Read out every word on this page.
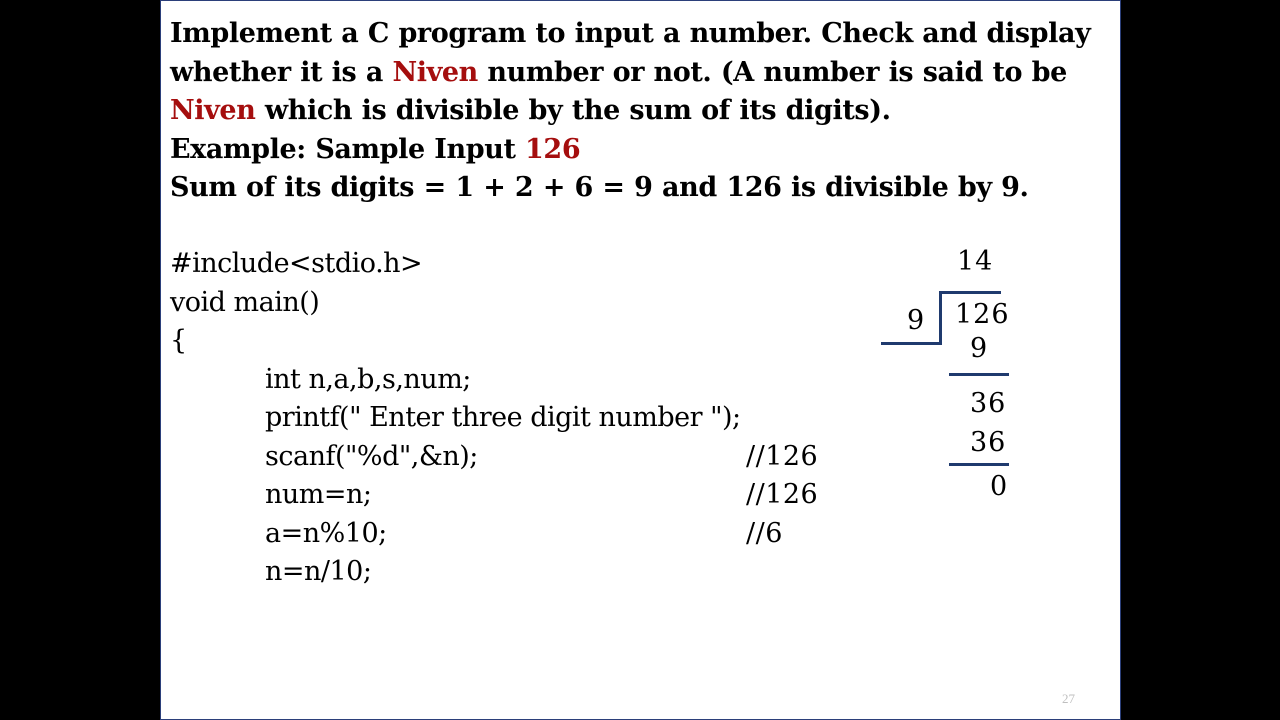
Implement a C program to input a number. Check and display
whether it is a Niven number or not. (A number is said to be
Niven which is divisible by the sum of its digits).
Example: Sample Input 126
Sum of its digits = 1 + 2 + 6 = 9 and 126 is divisible by 9.
#include<stdio.h>
void main()
{
int n,a,b,s,num;
printf(" Enter three digit number ");
scanf("%d",&n);	//126
num=n;	//126
a=n%10;	//6
n=n/10;
14
9 126
9
36
36
0
27
